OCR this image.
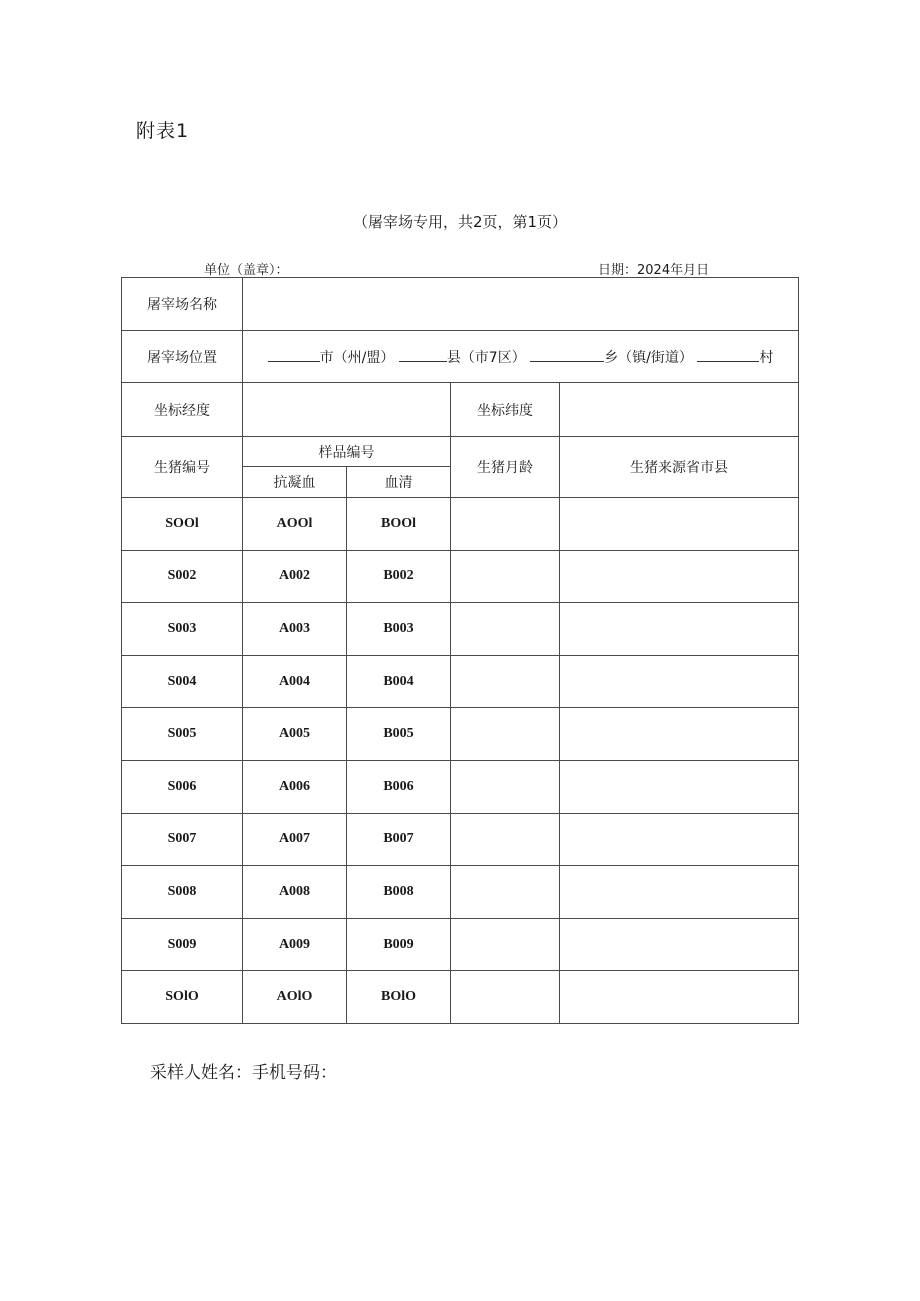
附表1
（屠宰场专用，共2页，第1页）
单位（盖章）：	日期：2024年月日
屠宰场名称				
屠宰场位置	市（州/盟） 县（市7区） 乡（镇/街道） 村			
坐标经度			坐标纬度	
生猪编号	样品编号		生猪月龄	生猪来源省市县
	抗凝血	血清		
SOOl	AOOl	BOOl		
S002	A002	B002		
S003	A003	B003		
S004	A004	B004		
S005	A005	B005		
S006	A006	B006		
S007	A007	B007		
S008	A008	B008		
S009	A009	B009		
SOlO	AOlO	BOlO		
采样人姓名：手机号码：
